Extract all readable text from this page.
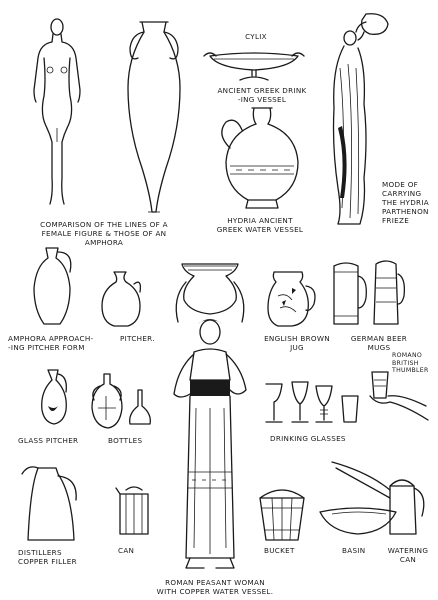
CYLIX
ANCIENT GREEK DRINK
-ING VESSEL
COMPARISON OF THE LINES OF A
FEMALE FIGURE & THOSE OF AN
AMPHORA
HYDRIA ANCIENT
GREEK WATER VESSEL
MODE OF
CARRYING
THE HYDRIA
PARTHENON
FRIEZE
AMPHORA APPROACH-
-ING PITCHER FORM
PITCHER.	ENGLISH BROWN
JUG
GERMAN BEER
MUGS
ROMANO
BRITISH
THUMBLER
GLASS PITCHER	BOTTLES	DRINKING GLASSES
DISTILLERS
COPPER FILLER
CAN	BUCKET	BASIN	WATERING
CAN
ROMAN PEASANT WOMAN
WITH COPPER WATER VESSEL.
